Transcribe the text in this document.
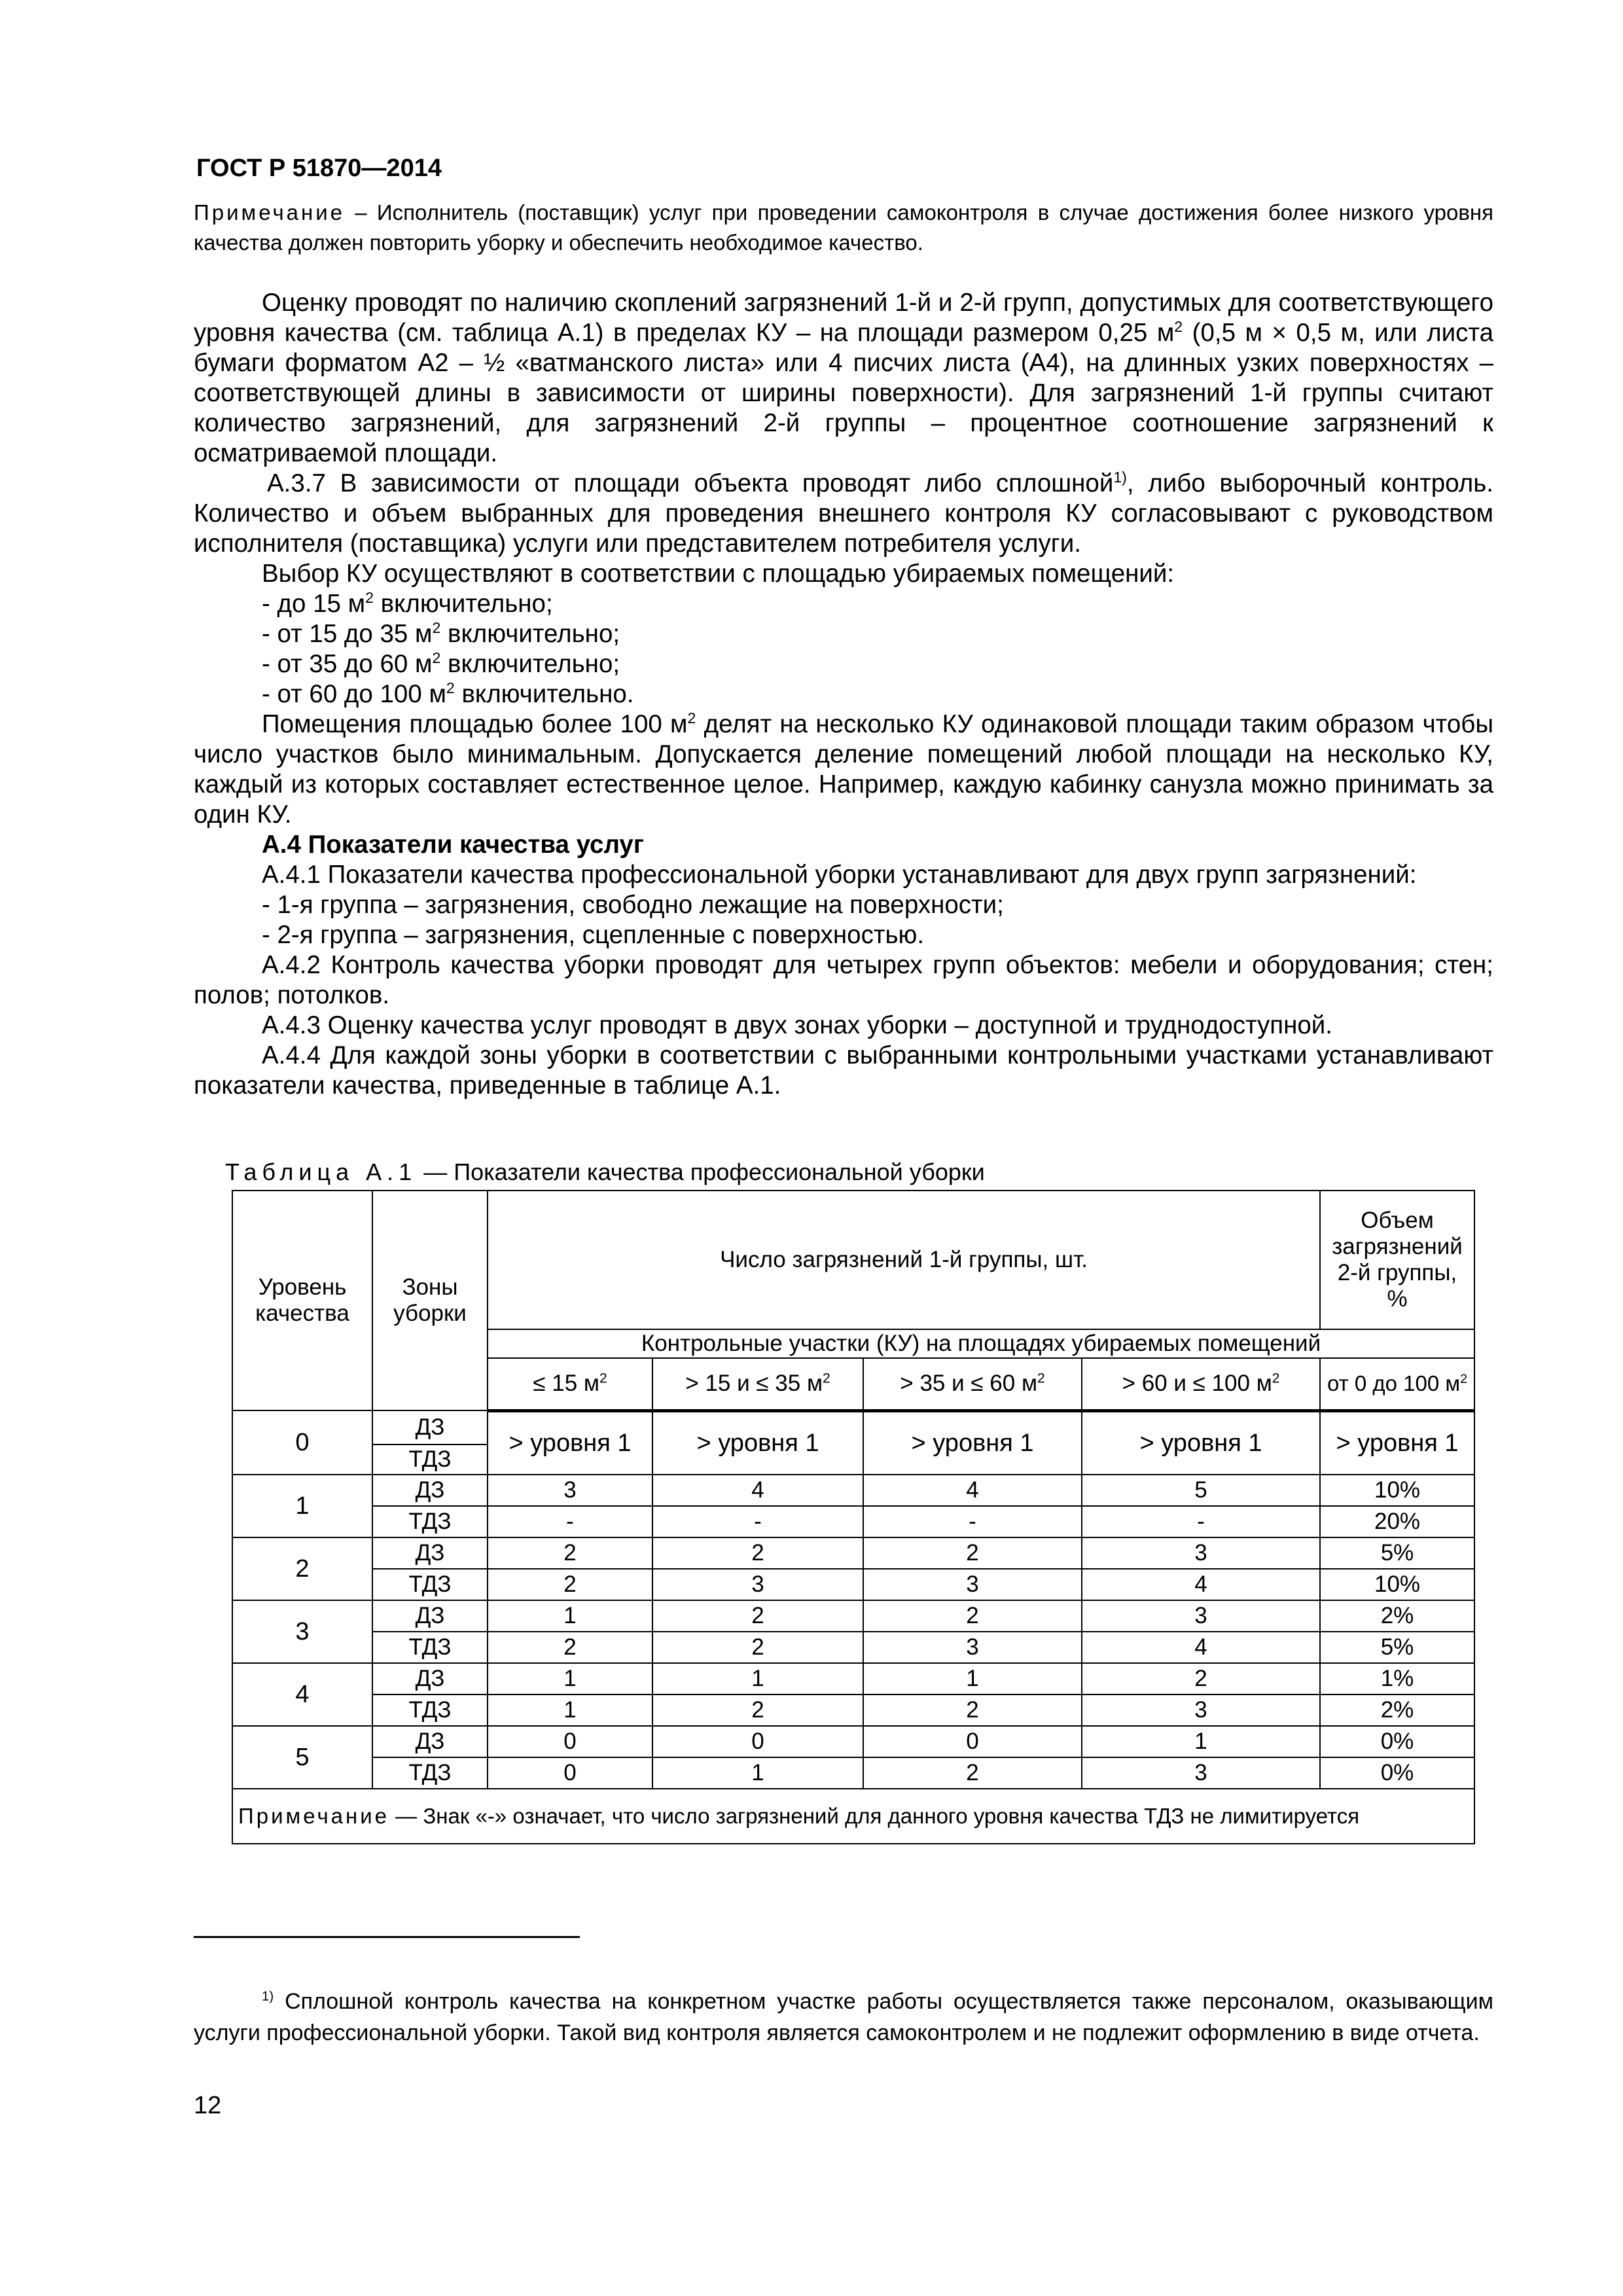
ГОСТ Р 51870—2014
Примечание – Исполнитель (поставщик) услуг при проведении самоконтроля в случае достижения более низкого уровня качества должен повторить уборку и обеспечить необходимое качество.

Оценку проводят по наличию скоплений загрязнений 1-й и 2-й групп, допустимых для соответствующего уровня качества (см. таблица А.1) в пределах КУ – на площади размером 0,25 $м^2$ (0,5 м × 0,5 м, или листа бумаги форматом А2 – ½ «ватманского листа» или 4 писчих листа (А4), на длинных узких поверхностях – соответствующей длины в зависимости от ширины поверхности). Для загрязнений 1-й группы считают количество загрязнений, для загрязнений 2-й группы – процентное соотношение загрязнений к осматриваемой площади.

А.3.7 В зависимости от площади объекта проводят либо сплошной$^{1)}$, либо выборочный контроль. Количество и объем выбранных для проведения внешнего контроля КУ согласовывают с руководством исполнителя (поставщика) услуги или представителем потребителя услуги.

Выбор КУ осуществляют в соответствии с площадью убираемых помещений:

- до 15 $м^2$ включительно;

- от 15 до 35 $м^2$ включительно;

- от 35 до 60 $м^2$ включительно;

- от 60 до 100 $м^2$ включительно.

Помещения площадью более 100 $м^2$ делят на несколько КУ одинаковой площади таким образом чтобы число участков было минимальным. Допускается деление помещений любой площади на несколько КУ, каждый из которых составляет естественное целое. Например, каждую кабинку санузла можно принимать за один КУ.

А.4 Показатели качества услуг

А.4.1 Показатели качества профессиональной уборки устанавливают для двух групп загрязнений:

- 1-я группа – загрязнения, свободно лежащие на поверхности;

- 2-я группа – загрязнения, сцепленные с поверхностью.

А.4.2 Контроль качества уборки проводят для четырех групп объектов: мебели и оборудования; стен; полов; потолков.

А.4.3 Оценку качества услуг проводят в двух зонах уборки – доступной и труднодоступной.

А.4.4 Для каждой зоны уборки в соответствии с выбранными контрольными участками устанавливают показатели качества, приведенные в таблице А.1.

Таблица А.1 — Показатели качества профессиональной уборки
Уровень качества	Зоны уборки	Число загрязнений 1-й группы, шт.				Объем загрязнений 2-й группы, %
		Контрольные участки (КУ) на площадях убираемых помещений				
		≤ 15 $м^2$	> 15 и ≤ 35 $м^2$	> 35 и ≤ 60 $м^2$	> 60 и ≤ 100 $м^2$	от 0 до 100 $м^2$
0	ДЗ	> уровня 1	> уровня 1	> уровня 1	> уровня 1	> уровня 1
	ТДЗ					
1	ДЗ	3	4	4	5	10%
	ТДЗ	-	-	-	-	20%
2	ДЗ	2	2	2	3	5%
	ТДЗ	2	3	3	4	10%
3	ДЗ	1	2	2	3	2%
	ТДЗ	2	2	3	4	5%
4	ДЗ	1	1	1	2	1%
	ТДЗ	1	2	2	3	2%
5	ДЗ	0	0	0	1	0%
	ТДЗ	0	1	2	3	0%
Примечание — Знак «-» означает, что число загрязнений для данного уровня качества ТДЗ не лимитируется						
$^{1)}$ Сплошной контроль качества на конкретном участке работы осуществляется также персоналом, оказывающим услуги профессиональной уборки. Такой вид контроля является самоконтролем и не подлежит оформлению в виде отчета.
12
